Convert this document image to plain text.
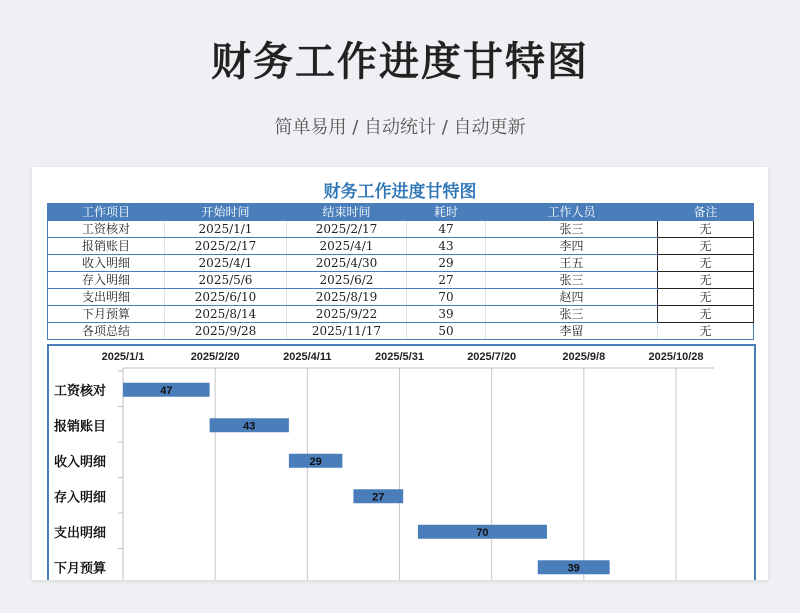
财务工作进度甘特图
简单易用 / 自动统计 / 自动更新
财务工作进度甘特图
工作项目	开始时间	结束时间	耗时	工作人员	备注
工资核对	2025/1/1	2025/2/17	47	张三	无
报销账目	2025/2/17	2025/4/1	43	李四	无
收入明细	2025/4/1	2025/4/30	29	王五	无
存入明细	2025/5/6	2025/6/2	27	张三	无
支出明细	2025/6/10	2025/8/19	70	赵四	无
下月预算	2025/8/14	2025/9/22	39	张三	无
各项总结	2025/9/28	2025/11/17	50	李留	无
2025/1/1	2025/2/20	2025/4/11	2025/5/31	2025/7/20	2025/9/8	2025/10/28
工资核对	47
报销账目	43
收入明细	29
存入明细	27
支出明细	70
下月预算	39
